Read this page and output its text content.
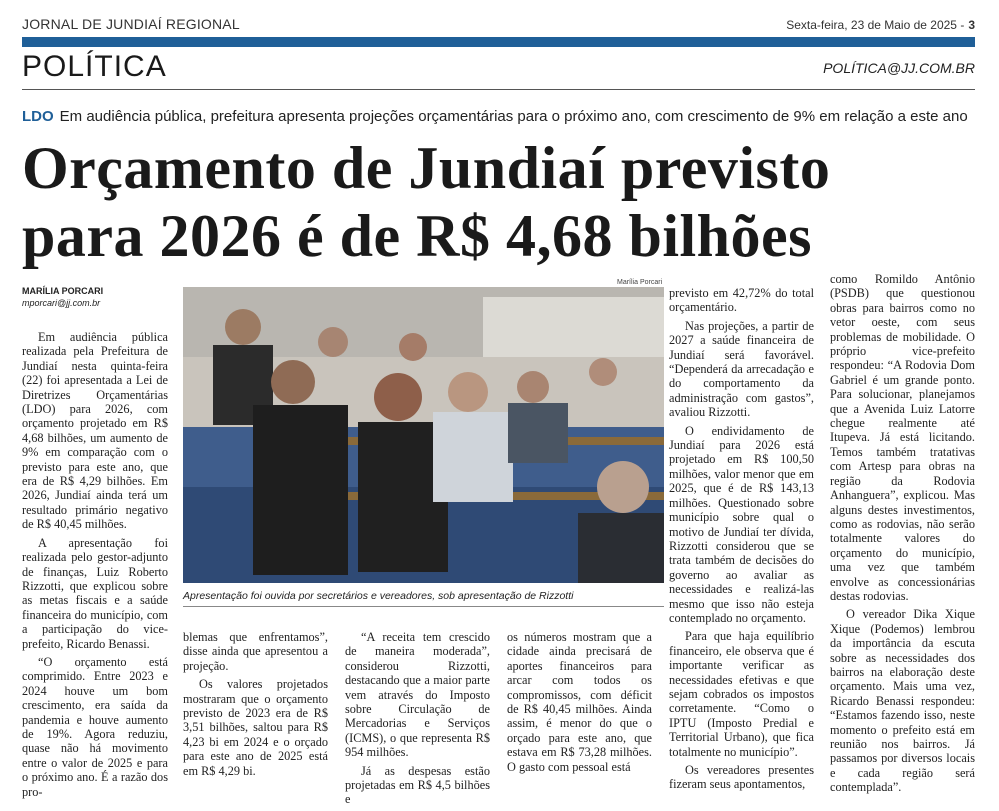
JORNAL DE JUNDIAÍ REGIONAL	Sexta-feira, 23 de Maio de 2025 - 3
POLÍTICA	POLÍTICA@JJ.COM.BR
LDO Em audiência pública, prefeitura apresenta projeções orçamentárias para o próximo ano, com crescimento de 9% em relação a este ano
Orçamento de Jundiaí previsto
para 2026 é de R$ 4,68 bilhões
MARÍLIA PORCARI
mporcari@jj.com.br

Em audiência pública realizada pela Prefeitura de Jundiaí nesta quinta-feira (22) foi apresentada a Lei de Diretrizes Orçamentárias (LDO) para 2026, com orçamento projetado em R$ 4,68 bilhões, um aumento de 9% em comparação com o previsto para este ano, que era de R$ 4,29 bilhões. Em 2026, Jundiaí ainda terá um resultado primário negativo de R$ 40,45 milhões.

A apresentação foi realizada pelo gestor-adjunto de finanças, Luiz Roberto Rizzotti, que explicou sobre as metas fiscais e a saúde financeira do município, com a participação do vice-prefeito, Ricardo Benassi.

“O orçamento está comprimido. Entre 2023 e 2024 houve um bom crescimento, era saída da pandemia e houve aumento de 19%. Agora reduziu, quase não há movimento entre o valor de 2025 e para o próximo ano. É a razão dos pro-

Marília Porcari
Apresentação foi ouvida por secretários e vereadores, sob apresentação de Rizzotti

blemas que enfrentamos”, disse ainda que apresentou a projeção.

Os valores projetados mostraram que o orçamento previsto de 2023 era de R$ 3,51 bilhões, saltou para R$ 4,23 bi em 2024 e o orçado para este ano de 2025 está em R$ 4,29 bi.

“A receita tem crescido de maneira moderada”, considerou Rizzotti, destacando que a maior parte vem através do Imposto sobre Circulação de Mercadorias e Serviços (ICMS), o que representa R$ 954 milhões.

Já as despesas estão projetadas em R$ 4,5 bilhões e

os números mostram que a cidade ainda precisará de aportes financeiros para arcar com todos os compromissos, com déficit de R$ 40,45 milhões. Ainda assim, é menor do que o orçado para este ano, que estava em R$ 73,28 milhões. O gasto com pessoal está

previsto em 42,72% do total orçamentário.

Nas projeções, a partir de 2027 a saúde financeira de Jundiaí será favorável. “Dependerá da arrecadação e do comportamento da administração com gastos”, avaliou Rizzotti.

O endividamento de Jundiaí para 2026 está projetado em R$ 100,50 milhões, valor menor que em 2025, que é de R$ 143,13 milhões. Questionado sobre município sobre qual o motivo de Jundiaí ter dívida, Rizzotti considerou que se trata também de decisões do governo ao avaliar as necessidades e realizá-las mesmo que isso não esteja contemplado no orçamento.

Para que haja equilíbrio financeiro, ele observa que é importante verificar as necessidades efetivas e que sejam cobrados os impostos corretamente. “Como o IPTU (Imposto Predial e Territorial Urbano), que fica totalmente no município”.

Os vereadores presentes fizeram seus apontamentos,

como Romildo Antônio (PSDB) que questionou obras para bairros como no vetor oeste, com seus problemas de mobilidade. O próprio vice-prefeito respondeu: “A Rodovia Dom Gabriel é um grande ponto. Para solucionar, planejamos que a Avenida Luiz Latorre chegue realmente até Itupeva. Já está licitando. Temos também tratativas com Artesp para obras na região da Rodovia Anhanguera”, explicou. Mas alguns destes investimentos, como as rodovias, não serão totalmente valores do orçamento do município, uma vez que também envolve as concessionárias destas rodovias.

O vereador Dika Xique Xique (Podemos) lembrou da importância da escuta sobre as necessidades dos bairros na elaboração deste orçamento. Mais uma vez, Ricardo Benassi respondeu: “Estamos fazendo isso, neste momento o prefeito está em reunião nos bairros. Já passamos por diversos locais e cada região será contemplada”.
